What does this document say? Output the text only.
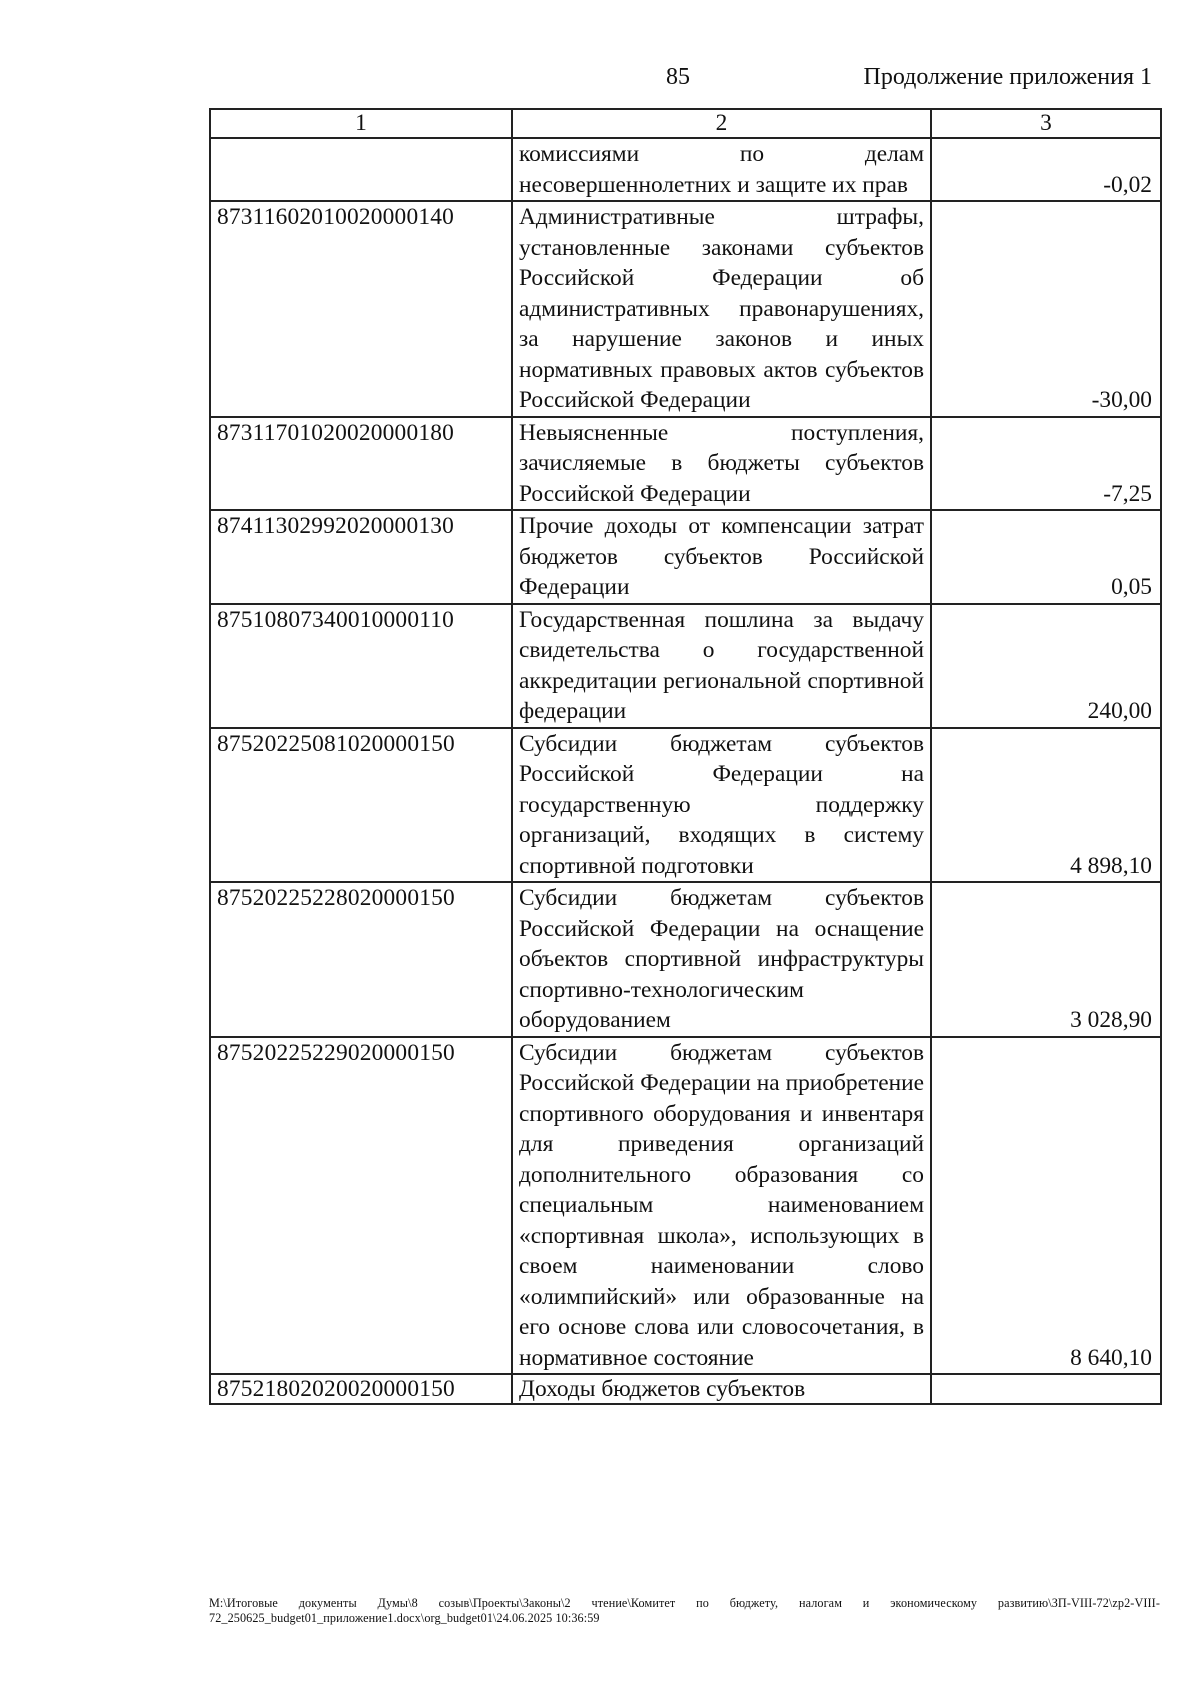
85	Продолжение приложения 1
1	2	3
	комиссиями по делам несовершеннолетних и защите их прав	-0,02
87311602010020000140	Административные штрафы, установленные законами субъектов Российской Федерации об административных правонарушениях, за нарушение законов и иных нормативных правовых актов субъектов Российской Федерации	-30,00
87311701020020000180	Невыясненные поступления, зачисляемые в бюджеты субъектов Российской Федерации	-7,25
87411302992020000130	Прочие доходы от компенсации затрат бюджетов субъектов Российской Федерации	0,05
87510807340010000110	Государственная пошлина за выдачу свидетельства о государственной аккредитации региональной спортивной федерации	240,00
87520225081020000150	Субсидии бюджетам субъектов Российской Федерации на государственную поддержку организаций, входящих в систему спортивной подготовки	4 898,10
87520225228020000150	Субсидии бюджетам субъектов Российской Федерации на оснащение объектов спортивной инфраструктуры спортивно-технологическим оборудованием	3 028,90
87520225229020000150	Субсидии бюджетам субъектов Российской Федерации на приобретение спортивного оборудования и инвентаря для приведения организаций дополнительного образования со специальным наименованием «спортивная школа», использующих в своем наименовании слово «олимпийский» или образованные на его основе слова или словосочетания, в нормативное состояние	8 640,10
87521802020020000150	Доходы бюджетов субъектов	
M:\Итоговые документы Думы\8 созыв\Проекты\Законы\2 чтение\Комитет по бюджету, налогам и экономическому развитию\ЗП-VIII-72\zp2-VIII-72_250625_budget01_приложение1.docx\org_budget01\24.06.2025 10:36:59
